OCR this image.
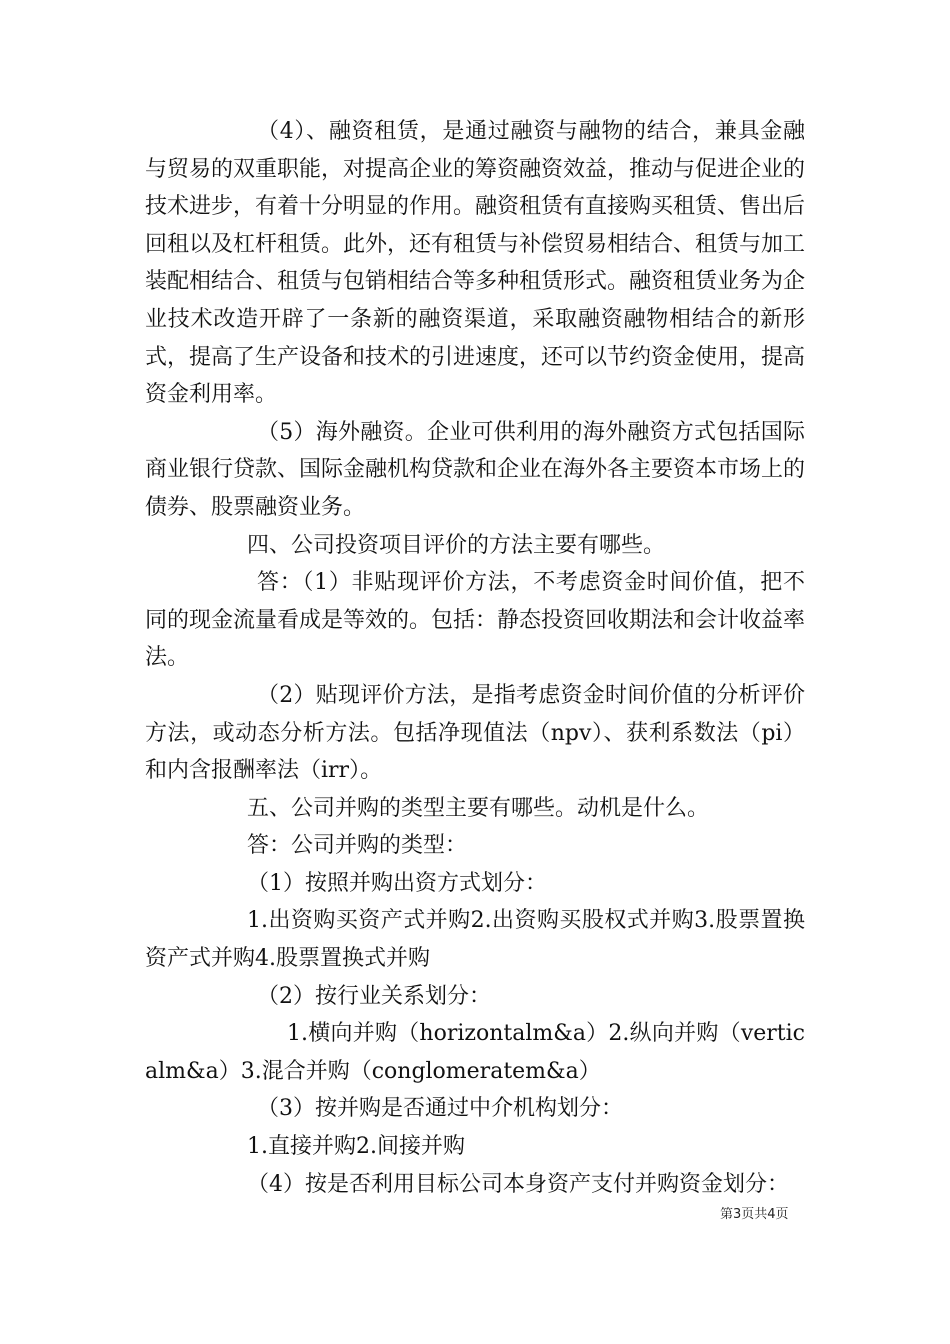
（4）、融资租赁，是通过融资与融物的结合，兼具金融与贸易的双重职能，对提高企业的筹资融资效益，推动与促进企业的技术进步，有着十分明显的作用。融资租赁有直接购买租赁、售出后回租以及杠杆租赁。此外，还有租赁与补偿贸易相结合、租赁与加工装配相结合、租赁与包销相结合等多种租赁形式。融资租赁业务为企业技术改造开辟了一条新的融资渠道，采取融资融物相结合的新形式，提高了生产设备和技术的引进速度，还可以节约资金使用，提高资金利用率。

（5）海外融资。企业可供利用的海外融资方式包括国际商业银行贷款、国际金融机构贷款和企业在海外各主要资本市场上的债券、股票融资业务。

四、公司投资项目评价的方法主要有哪些。

答：（1）非贴现评价方法，不考虑资金时间价值，把不同的现金流量看成是等效的。包括：静态投资回收期法和会计收益率法。

（2）贴现评价方法，是指考虑资金时间价值的分析评价方法，或动态分析方法。包括净现值法（npv）、获利系数法（pi）和内含报酬率法（irr）。

五、公司并购的类型主要有哪些。动机是什么。

答：公司并购的类型：

（1）按照并购出资方式划分：

1.出资购买资产式并购2.出资购买股权式并购3.股票置换资产式并购4.股票置换式并购

（2）按行业关系划分：

1.横向并购（horizontalm&a）2.纵向并购（verticalm&a）3.混合并购（conglomeratem&a）

（3）按并购是否通过中介机构划分：

1.直接并购2.间接并购

（4）按是否利用目标公司本身资产支付并购资金划分：

第3页共4页
